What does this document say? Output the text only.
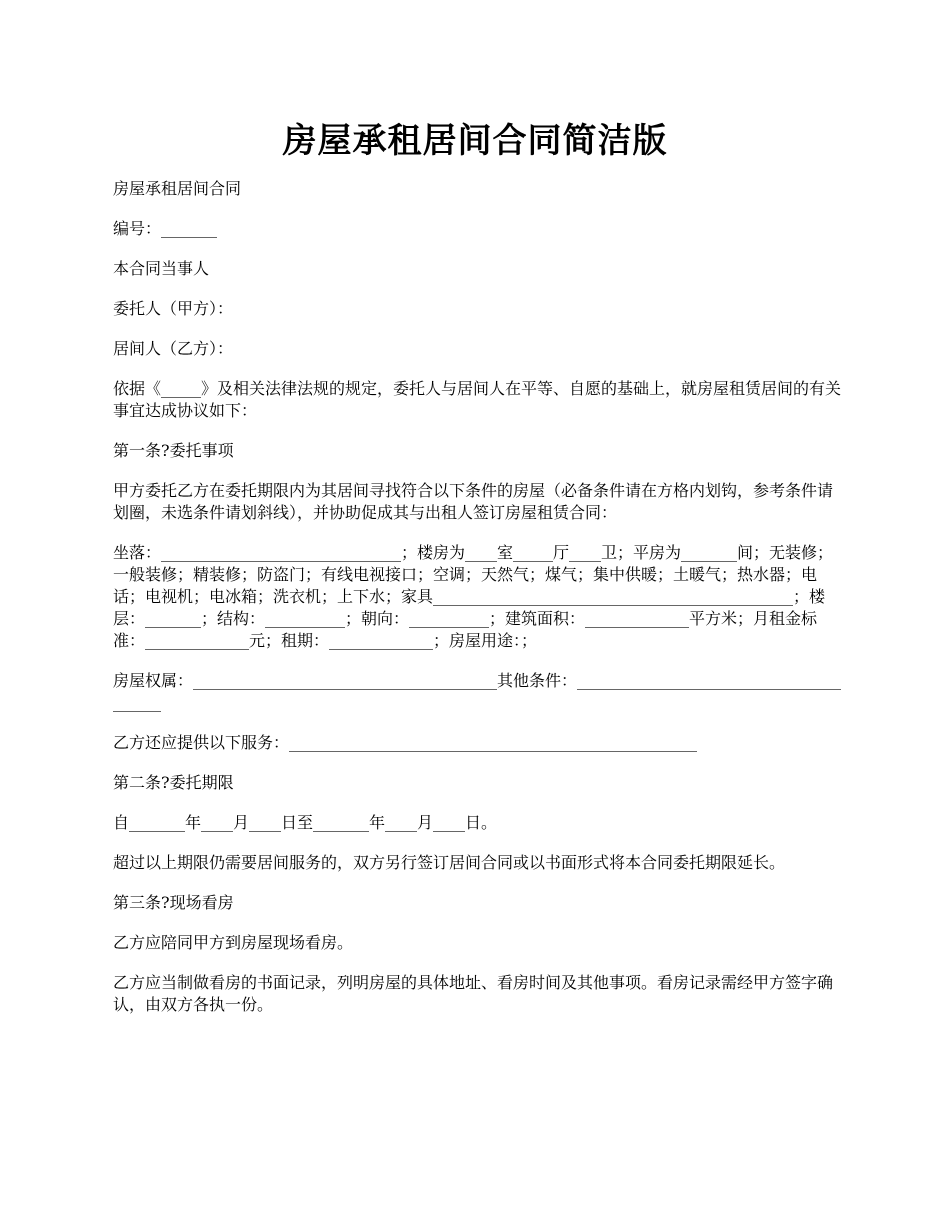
房屋承租居间合同简洁版

房屋承租居间合同

编号：_______

本合同当事人

委托人（甲方）：

居间人（乙方）：

依据《_____》及相关法律法规的规定，委托人与居间人在平等、自愿的基础上，就房屋租赁居间的有关事宜达成协议如下：

第一条?委托事项

甲方委托乙方在委托期限内为其居间寻找符合以下条件的房屋（必备条件请在方格内划钩，参考条件请划圈，未选条件请划斜线），并协助促成其与出租人签订房屋租赁合同：

坐落：______________________________；楼房为____室_____厅____卫；平房为_______间；无装修；一般装修；精装修；防盗门；有线电视接口；空调；天然气；煤气；集中供暖；土暖气；热水器；电话；电视机；电冰箱；洗衣机；上下水；家具_____________________________________________；楼层：_______；结构：__________；朝向：__________；建筑面积：_____________平方米；月租金标准：_____________元；租期：_____________；房屋用途：；

房屋权属：______________________________________其他条件：_______________________________________

乙方还应提供以下服务：___________________________________________________

第二条?委托期限

自_______年____月____日至_______年____月____日。

超过以上期限仍需要居间服务的，双方另行签订居间合同或以书面形式将本合同委托期限延长。

第三条?现场看房

乙方应陪同甲方到房屋现场看房。

乙方应当制做看房的书面记录，列明房屋的具体地址、看房时间及其他事项。看房记录需经甲方签字确认，由双方各执一份。
